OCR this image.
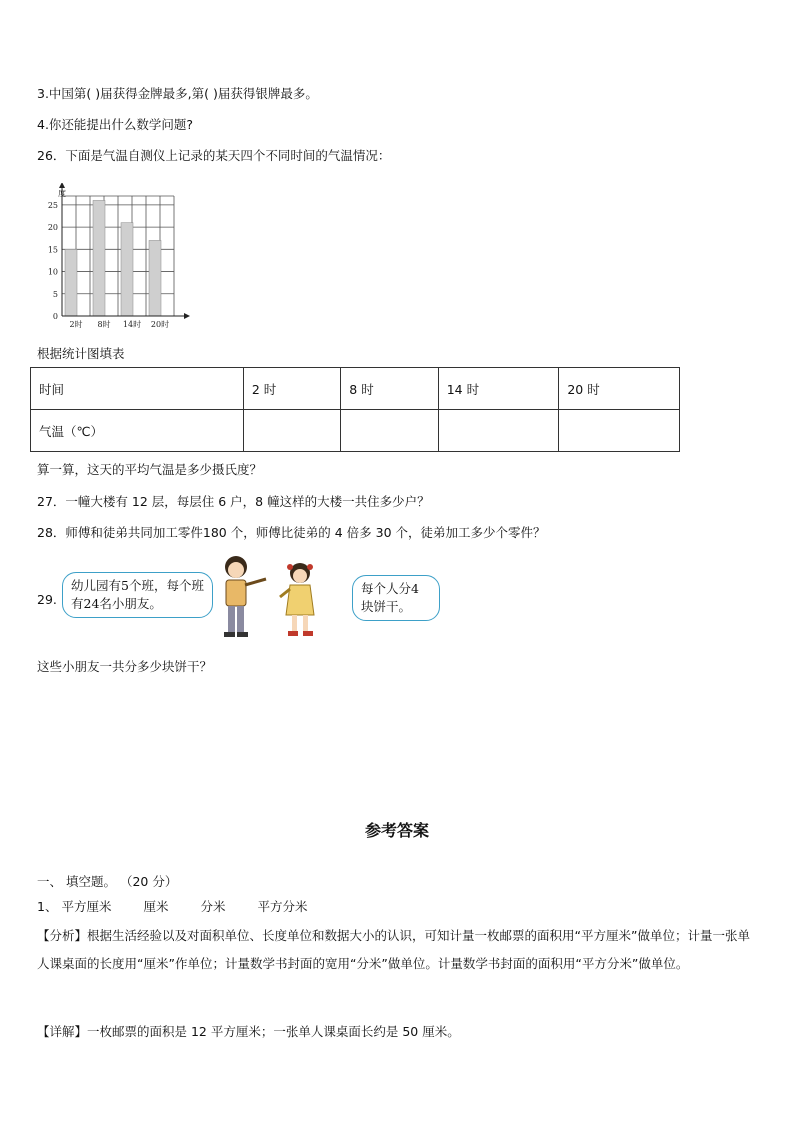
3.中国第( )届获得金牌最多,第( )届获得银牌最多。
4.你还能提出什么数学问题?
26．下面是气温自测仪上记录的某天四个不同时间的气温情况：
0
5
10
15
20
25
2时 8时 14时 20时
度
根据统计图填表
时间	2 时	8 时	14 时	20 时
气温（℃）				
算一算，这天的平均气温是多少摄氏度？
27．一幢大楼有 12 层，每层住 6 户，8 幢这样的大楼一共住多少户？
28．师傅和徒弟共同加工零件180 个，师傅比徒弟的 4 倍多 30 个，徒弟加工多少个零件？
29.
幼儿园有5个班，每个班有24名小朋友。
每个人分4块饼干。
这些小朋友一共分多少块饼干？
参考答案
一、 填空题。 （20 分）
1、 平方厘米	厘米	分米	平方分米
【分析】根据生活经验以及对面积单位、长度单位和数据大小的认识，可知计量一枚邮票的面积用“平方厘米”做单位；计量一张单人课桌面的长度用“厘米”作单位；计量数学书封面的宽用“分米”做单位。计量数学书封面的面积用“平方分米”做单位。
【详解】一枚邮票的面积是 12 平方厘米；一张单人课桌面长约是 50 厘米。
